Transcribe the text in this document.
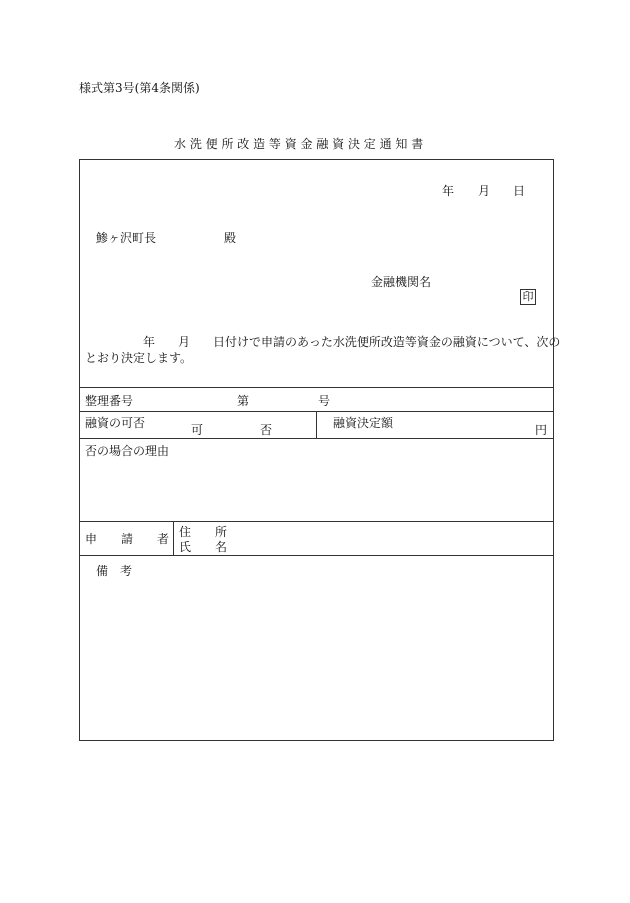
様式第3号(第4条関係)
水 洗 便 所 改 造 等 資 金 融 資 決 定 通 知 書
年 月 日
鯵ヶ沢町長	殿
金融機関名
印
年 月 日付けで申請のあった水洗便所改造等資金の融資について、次の
とおり決定します。
整理番号	第	号
融資の可否	可	否	融資決定額	円
否の場合の理由
申　　請　　者 住　　所
氏　　名
備　考
